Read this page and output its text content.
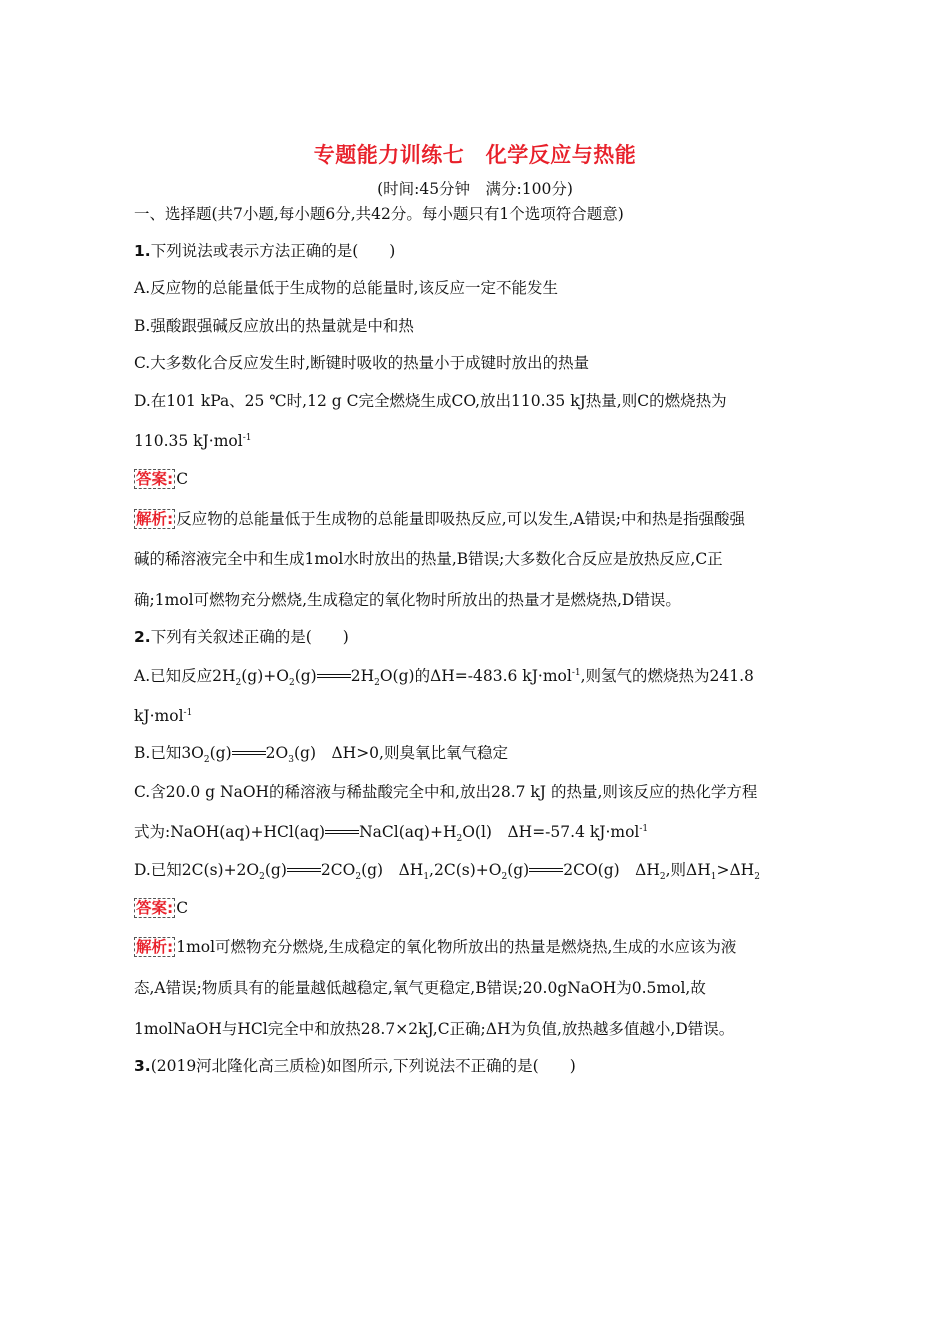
专题能力训练七　化学反应与热能
(时间:45分钟　满分:100分)
一、选择题(共7小题,每小题6分,共42分。每小题只有1个选项符合题意)
1.下列说法或表示方法正确的是(　　)
A.反应物的总能量低于生成物的总能量时,该反应一定不能发生
B.强酸跟强碱反应放出的热量就是中和热
C.大多数化合反应发生时,断键时吸收的热量小于成键时放出的热量
D.在101 kPa、25 ℃时,12 g C完全燃烧生成CO,放出110.35 kJ热量,则C的燃烧热为
110.35 kJ·mol$^{-1}$
答案: C
解析: 反应物的总能量低于生成物的总能量即吸热反应,可以发生,A错误;中和热是指强酸强
碱的稀溶液完全中和生成1mol水时放出的热量,B错误;大多数化合反应是放热反应,C正
确;1mol可燃物充分燃烧,生成稳定的氧化物时所放出的热量才是燃烧热,D错误。
2.下列有关叙述正确的是(　　)
A.已知反应$2H_2(g)+O_2(g)$ $2H_2O(g)$的ΔH=-483.6 kJ·mol$^{-1}$,则氢气的燃烧热为241.8
kJ·mol$^{-1}$
B.已知$3O_2(g)$ $2O_3(g)$　ΔH>0,则臭氧比氧气稳定
C.含20.0 g NaOH的稀溶液与稀盐酸完全中和,放出28.7 kJ 的热量,则该反应的热化学方程
式为:NaOH(aq)+HCl(aq) $NaCl(aq)+H_2O(l)$　ΔH=-57.4 kJ·mol$^{-1}$
D.已知$2C(s)+2O_2(g)$ $2CO_2(g)$　$\Delta H_1,2C(s)+O_2(g)$ 2CO(g)　$\Delta H_2$,则$\Delta H_1>\Delta H_2$
答案: C
解析: 1mol可燃物充分燃烧,生成稳定的氧化物所放出的热量是燃烧热,生成的水应该为液
态,A错误;物质具有的能量越低越稳定,氧气更稳定,B错误;20.0gNaOH为0.5mol,故
1molNaOH与HCl完全中和放热28.7×2kJ,C正确;ΔH为负值,放热越多值越小,D错误。
3.(2019河北隆化高三质检)如图所示,下列说法不正确的是(　　)
